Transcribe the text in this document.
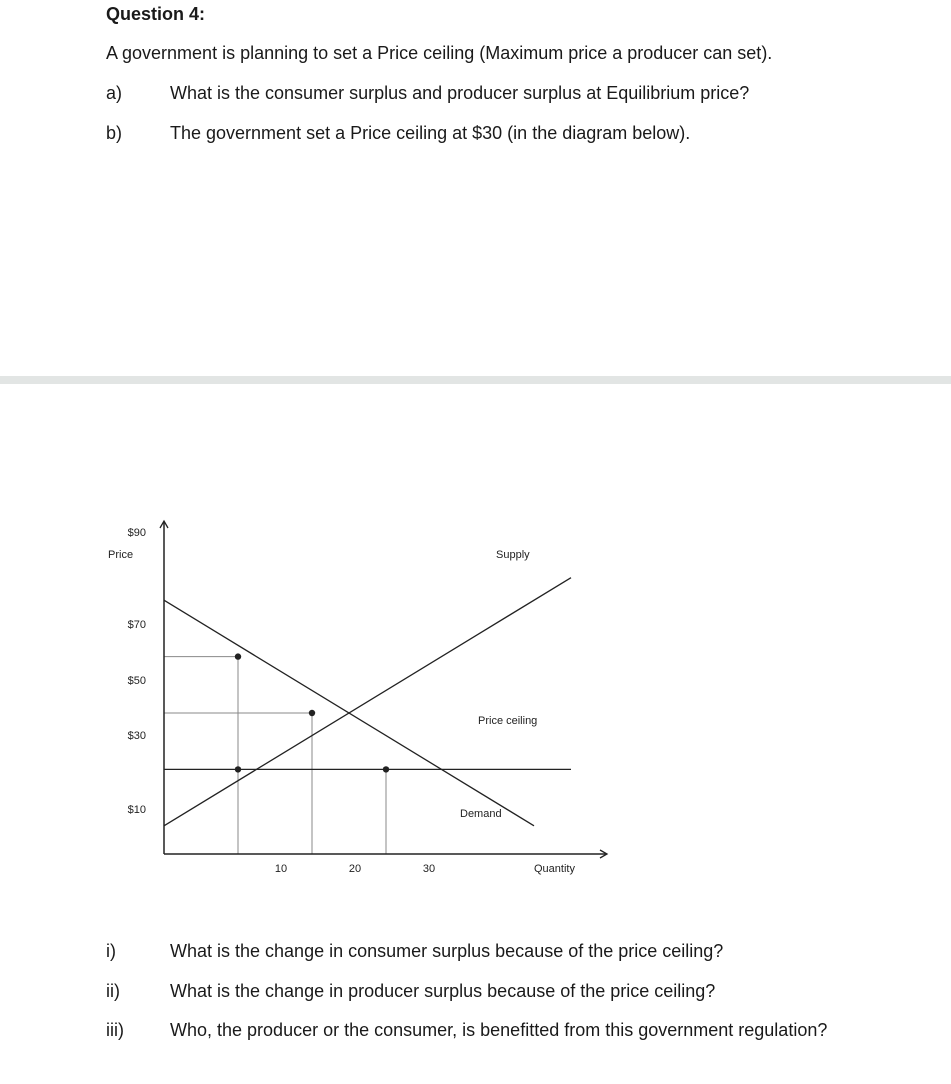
Question 4:
A government is planning to set a Price ceiling (Maximum price a producer can set).
a)	What is the consumer surplus and producer surplus at Equilibrium price?
b)	The government set a Price ceiling at $30 (in the diagram below).
Price
Quantity
Supply
Price ceiling
Demand
$90
$70
$50
$30
$10
10	20	30
i)	What is the change in consumer surplus because of the price ceiling?
ii)	What is the change in producer surplus because of the price ceiling?
iii)	Who, the producer or the consumer, is benefitted from this government regulation?
